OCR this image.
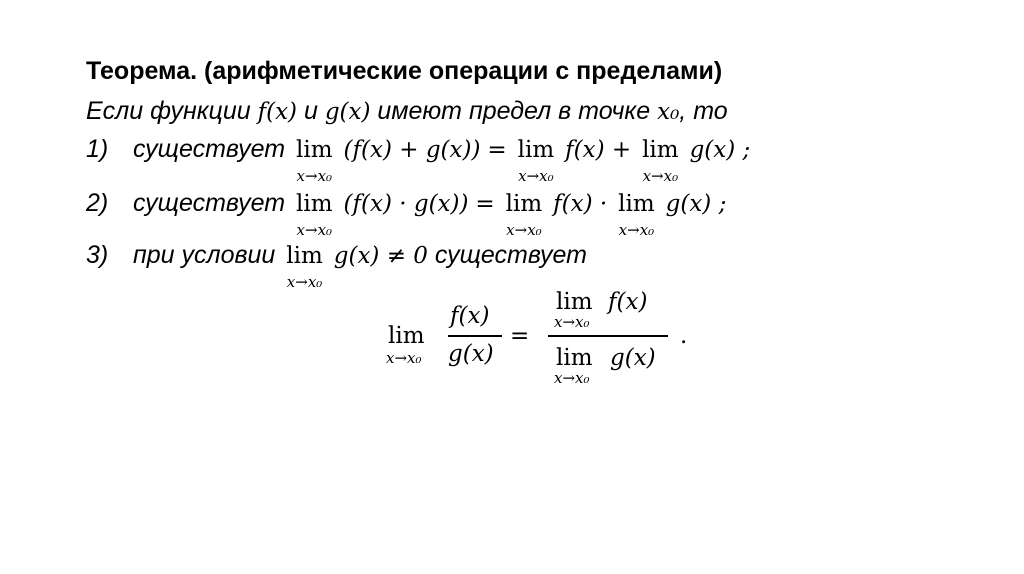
Теорема. (арифметические операции с пределами)
Если функции f(x) и g(x) имеют предел в точке x₀, то
1) существует lim
x→x₀
(f(x) + g(x)) = lim
x→x₀
f(x) + lim
x→x₀
g(x) ;
2) существует lim
x→x₀
(f(x) · g(x)) = lim
x→x₀
f(x) · lim
x→x₀
g(x) ;
3) при условии lim
x→x₀
g(x) ≠ 0 существует
lim
x→x₀
f(x)
g(x)
=
lim
x→x₀
f(x)
lim
x→x₀
g(x)
.
